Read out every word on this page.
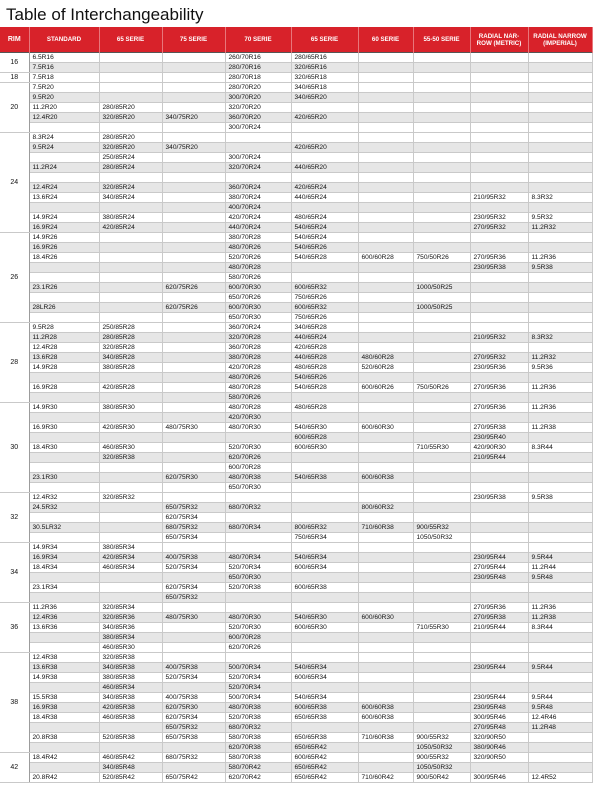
Table of Interchangeability
RIM	STANDARD	65 SERIE	75 SERIE	70 SERIE	65 SERIE	60 SERIE	55-50 SERIE	RADIAL NAR-ROW (METRIC)	RADIAL NARROW (IMPERIAL)
16	6.5R16			260/70R16	280/65R16				
	7.5R16			280/70R16	320/65R16				
18	7.5R18			280/70R18	320/65R18				
20	7.5R20			280/70R20	340/65R18				
	9.5R20			300/70R20	340/65R20				
	11.2R20	280/85R20		320/70R20					
	12.4R20	320/85R20	340/75R20	360/70R20	420/65R20				
				300/70R24					
24	8.3R24	280/85R20							
	9.5R24	320/85R20	340/75R20		420/65R20				
		250/85R24		300/70R24					
	11.2R24	280/85R24		320/70R24	440/65R20				

	12.4R24	320/85R24		360/70R24	420/65R24				
	13.6R24	340/85R24		380/70R24	440/65R24			210/95R32	8.3R32
				400/70R24					
	14.9R24	380/85R24		420/70R24	480/65R24			230/95R32	9.5R32
	16.9R24	420/85R24		440/70R24	540/65R24			270/95R32	11.2R32
26	14.9R26			380/70R28	540/65R24				
	16.9R26			480/70R26	540/65R26				
	18.4R26			520/70R26	540/65R28	600/60R28	750/50R26	270/95R36	11.2R36
				480/70R28				230/95R38	9.5R38
				580/70R26					
	23.1R26		620/75R26	600/70R30	600/65R32		1000/50R25		
				650/70R26	750/65R26				
	28LR26		620/75R26	600/70R30	600/65R32		1000/50R25		
				650/70R30	750/65R26				
28	9.5R28	250/85R28		360/70R24	340/65R28				
	11.2R28	280/85R28		320/70R28	440/65R24			210/95R32	8.3R32
	12.4R28	320/85R28		360/70R28	420/65R28				
	13.6R28	340/85R28		380/70R28	440/65R28	480/60R28		270/95R32	11.2R32
	14.9R28	380/85R28		420/70R28	480/65R28	520/60R28		230/95R36	9.5R36
				480/70R26	540/65R26				
	16.9R28	420/85R28		480/70R28	540/65R28	600/60R26	750/50R26	270/95R36	11.2R36
				580/70R26					
30	14.9R30	380/85R30		480/70R28	480/65R28			270/95R36	11.2R36
				420/70R30					
	16.9R30	420/85R30	480/75R30	480/70R30	540/65R30	600/60R30		270/95R38	11.2R38
					600/65R28			230/95R40	
	18.4R30	460/85R30		520/70R30	600/65R30		710/55R30	420/90R30	8.3R44
		320/85R38		620/70R26				210/95R44	
				600/70R28					
	23.1R30		620/75R30	480/70R38	540/65R38	600/60R38			
				650/70R30					
32	12.4R32	320/85R32						230/95R38	9.5R38
	24.5R32		650/75R32	680/70R32		800/60R32			
			620/75R34						
	30.5LR32		680/75R32	680/70R34	800/65R32	710/60R38	900/55R32		
			650/75R34		750/65R34		1050/50R32		
34	14.9R34	380/85R34							
	16.9R34	420/85R34	400/75R38	480/70R34	540/65R34			230/95R44	9.5R44
	18.4R34	460/85R34	520/75R34	520/70R34	600/65R34			270/95R44	11.2R44
				650/70R30				230/95R48	9.5R48
	23.1R34		620/75R34	520/70R38	600/65R38				
			650/75R32						
36	11.2R36	320/85R34						270/95R36	11.2R36
	12.4R36	320/85R36	480/75R30	480/70R30	540/65R30	600/60R30		270/95R38	11.2R38
	13.6R36	340/85R36		520/70R30	600/65R30		710/55R30	210/95R44	8.3R44
		380/85R34		600/70R28					
		460/85R30		620/70R26					
38	12.4R38	320/85R38							
	13.6R38	340/85R38	400/75R38	500/70R34	540/65R34			230/95R44	9.5R44
	14.9R38	380/85R38	520/75R34	520/70R34	600/65R34				
		460/85R34		520/70R34					
	15.5R38	340/85R38	400/75R38	500/70R34	540/65R34			230/95R44	9.5R44
	16.9R38	420/85R38	620/75R30	480/70R38	600/65R38	600/60R38		230/95R48	9.5R48
	18.4R38	460/85R38	620/75R34	520/70R38	650/65R38	600/60R38		300/95R46	12.4R46
			650/75R32	680/70R32				270/95R48	11.2R48
	20.8R38	520/85R38	650/75R38	580/70R38	650/65R38	710/60R38	900/55R32	320/90R50	
				620/70R38	650/65R42		1050/50R32	380/90R46	
42	18.4R42	460/85R42	680/75R32	580/70R38	600/65R42		900/55R32	320/90R50	
		340/85R48		580/70R42	650/65R42		1050/50R32		
	20.8R42	520/85R42	650/75R42	620/70R42	650/65R42	710/60R42	900/50R42	300/95R46	12.4R52
